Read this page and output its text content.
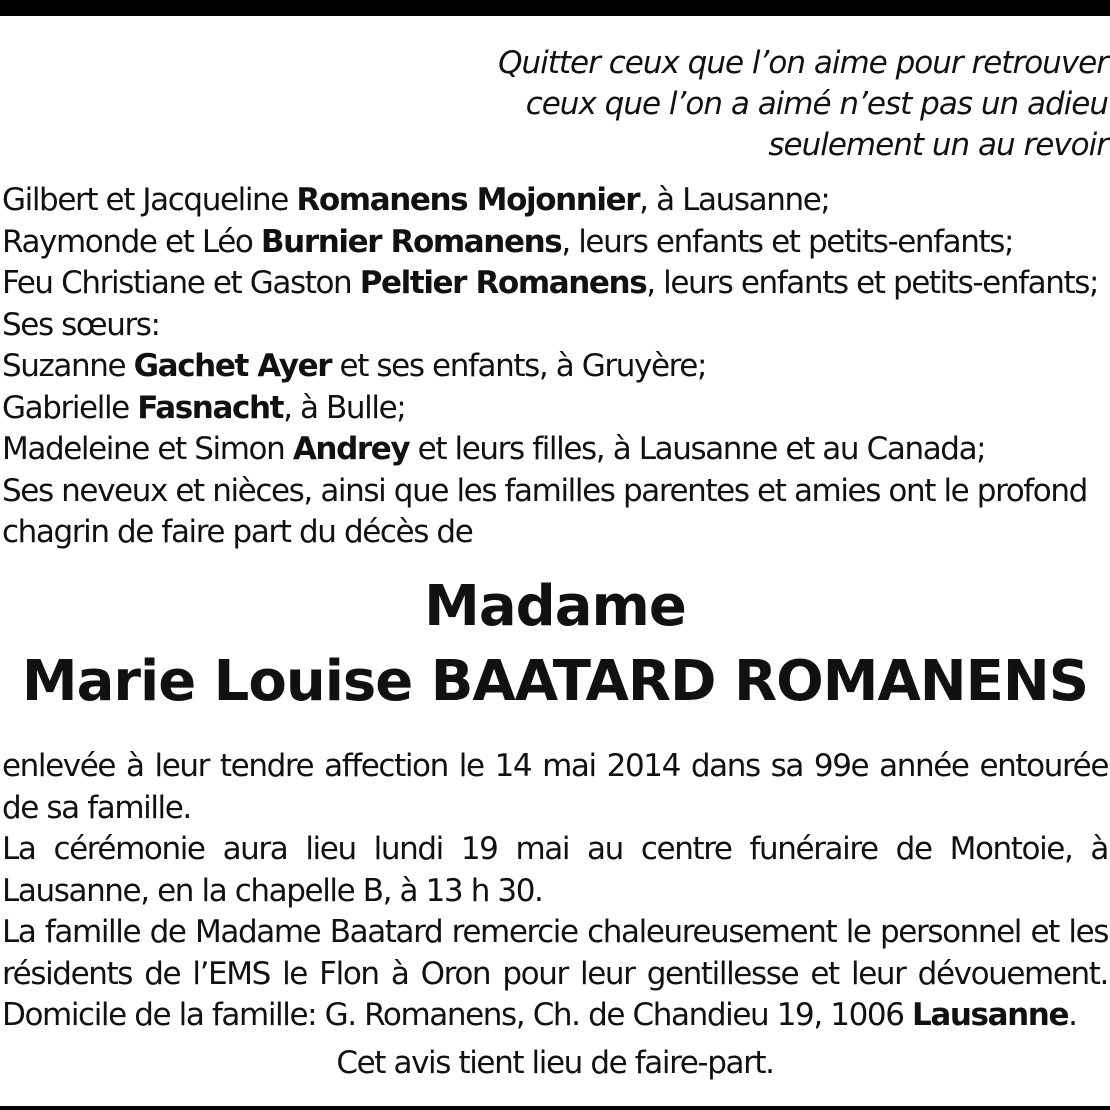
Quitter ceux que l’on aime pour retrouver
ceux que l’on a aimé n’est pas un adieu
seulement un au revoir
Gilbert et Jacqueline Romanens Mojonnier, à Lausanne;
Raymonde et Léo Burnier Romanens, leurs enfants et petits-enfants;
Feu Christiane et Gaston Peltier Romanens, leurs enfants et petits-enfants;
Ses sœurs:
Suzanne Gachet Ayer et ses enfants, à Gruyère;
Gabrielle Fasnacht, à Bulle;
Madeleine et Simon Andrey et leurs filles, à Lausanne et au Canada;
Ses neveux et nièces, ainsi que les familles parentes et amies ont le profond
chagrin de faire part du décès de
Madame
Marie Louise BAATARD ROMANENS
enlevée à leur tendre affection le 14 mai 2014 dans sa 99e année entourée
de sa famille.
La cérémonie aura lieu lundi 19 mai au centre funéraire de Montoie, à
Lausanne, en la chapelle B, à 13 h 30.
La famille de Madame Baatard remercie chaleureusement le personnel et les
résidents de l’EMS le Flon à Oron pour leur gentillesse et leur dévouement.
Domicile de la famille: G. Romanens, Ch. de Chandieu 19, 1006 Lausanne.
Cet avis tient lieu de faire-part.
